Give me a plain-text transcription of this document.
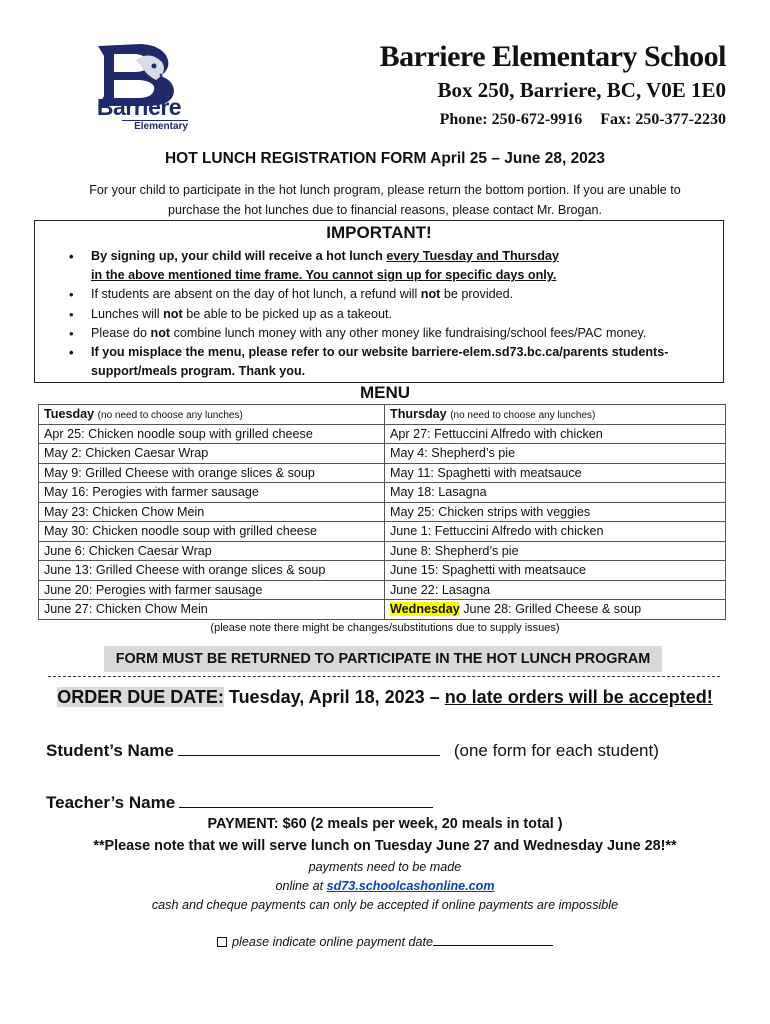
Barriere
Elementary
Barriere Elementary School
Box 250, Barriere, BC, V0E 1E0
Phone: 250-672-9916 Fax: 250-377-2230
HOT LUNCH REGISTRATION FORM April 25 – June 28, 2023
For your child to participate in the hot lunch program, please return the bottom portion. If you are unable to
purchase the hot lunches due to financial reasons, please contact Mr. Brogan.
IMPORTANT!
• By signing up, your child will receive a hot lunch every Tuesday and Thursday
in the above mentioned time frame. You cannot sign up for specific days only.
• If students are absent on the day of hot lunch, a refund will not be provided.
• Lunches will not be able to be picked up as a takeout.
• Please do not combine lunch money with any other money like fundraising/school fees/PAC money.
• If you misplace the menu, please refer to our website barriere-elem.sd73.bc.ca/parents students-
support/meals program. Thank you.
MENU
Tuesday (no need to choose any lunches)	Thursday (no need to choose any lunches)
Apr 25: Chicken noodle soup with grilled cheese	Apr 27: Fettuccini Alfredo with chicken
May 2: Chicken Caesar Wrap	May 4: Shepherd’s pie
May 9: Grilled Cheese with orange slices & soup	May 11: Spaghetti with meatsauce
May 16: Perogies with farmer sausage	May 18: Lasagna
May 23: Chicken Chow Mein	May 25: Chicken strips with veggies
May 30: Chicken noodle soup with grilled cheese	June 1: Fettuccini Alfredo with chicken
June 6: Chicken Caesar Wrap	June 8: Shepherd’s pie
June 13: Grilled Cheese with orange slices & soup	June 15: Spaghetti with meatsauce
June 20: Perogies with farmer sausage	June 22: Lasagna
June 27: Chicken Chow Mein	Wednesday June 28: Grilled Cheese & soup
(please note there might be changes/substitutions due to supply issues)
FORM MUST BE RETURNED TO PARTICIPATE IN THE HOT LUNCH PROGRAM
ORDER DUE DATE: Tuesday, April 18, 2023 – no late orders will be accepted!
Student’s Name	(one form for each student)
Teacher’s Name
PAYMENT: $60 (2 meals per week, 20 meals in total )
**Please note that we will serve lunch on Tuesday June 27 and Wednesday June 28!**
payments need to be made
online at sd73.schoolcashonline.com
cash and cheque payments can only be accepted if online payments are impossible
please indicate online payment date
